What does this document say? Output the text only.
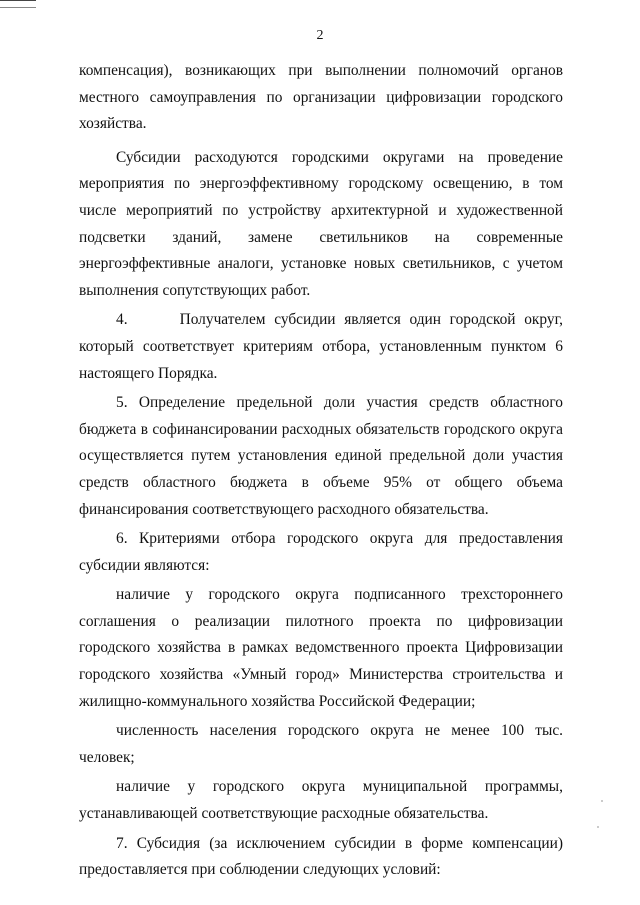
2

компенсация), возникающих при выполнении полномочий органов местного самоуправления по организации цифровизации городского хозяйства.

Субсидии расходуются городскими округами на проведение мероприятия по энергоэффективному городскому освещению, в том числе мероприятий по устройству архитектурной и художественной подсветки зданий, замене светильников на современные энергоэффективные аналоги, установке новых светильников, с учетом выполнения сопутствующих работ.

4.      Получателем субсидии является один городской округ, который соответствует критериям отбора, установленным пунктом 6 настоящего Порядка.

5. Определение предельной доли участия средств областного бюджета в софинансировании расходных обязательств городского округа осуществляется путем установления единой предельной доли участия средств областного бюджета в объеме 95% от общего объема финансирования соответствующего расходного обязательства.

6. Критериями отбора городского округа для предоставления субсидии являются:

наличие у городского округа подписанного трехстороннего соглашения о реализации пилотного проекта по цифровизации городского хозяйства в рамках ведомственного проекта Цифровизации городского хозяйства «Умный город» Министерства строительства и жилищно-коммунального хозяйства Российской Федерации;

численность населения городского округа не менее 100 тыс. человек;

наличие у городского округа муниципальной программы, устанавливающей соответствующие расходные обязательства.

7. Субсидия (за исключением субсидии в форме компенсации) предоставляется при соблюдении следующих условий:
